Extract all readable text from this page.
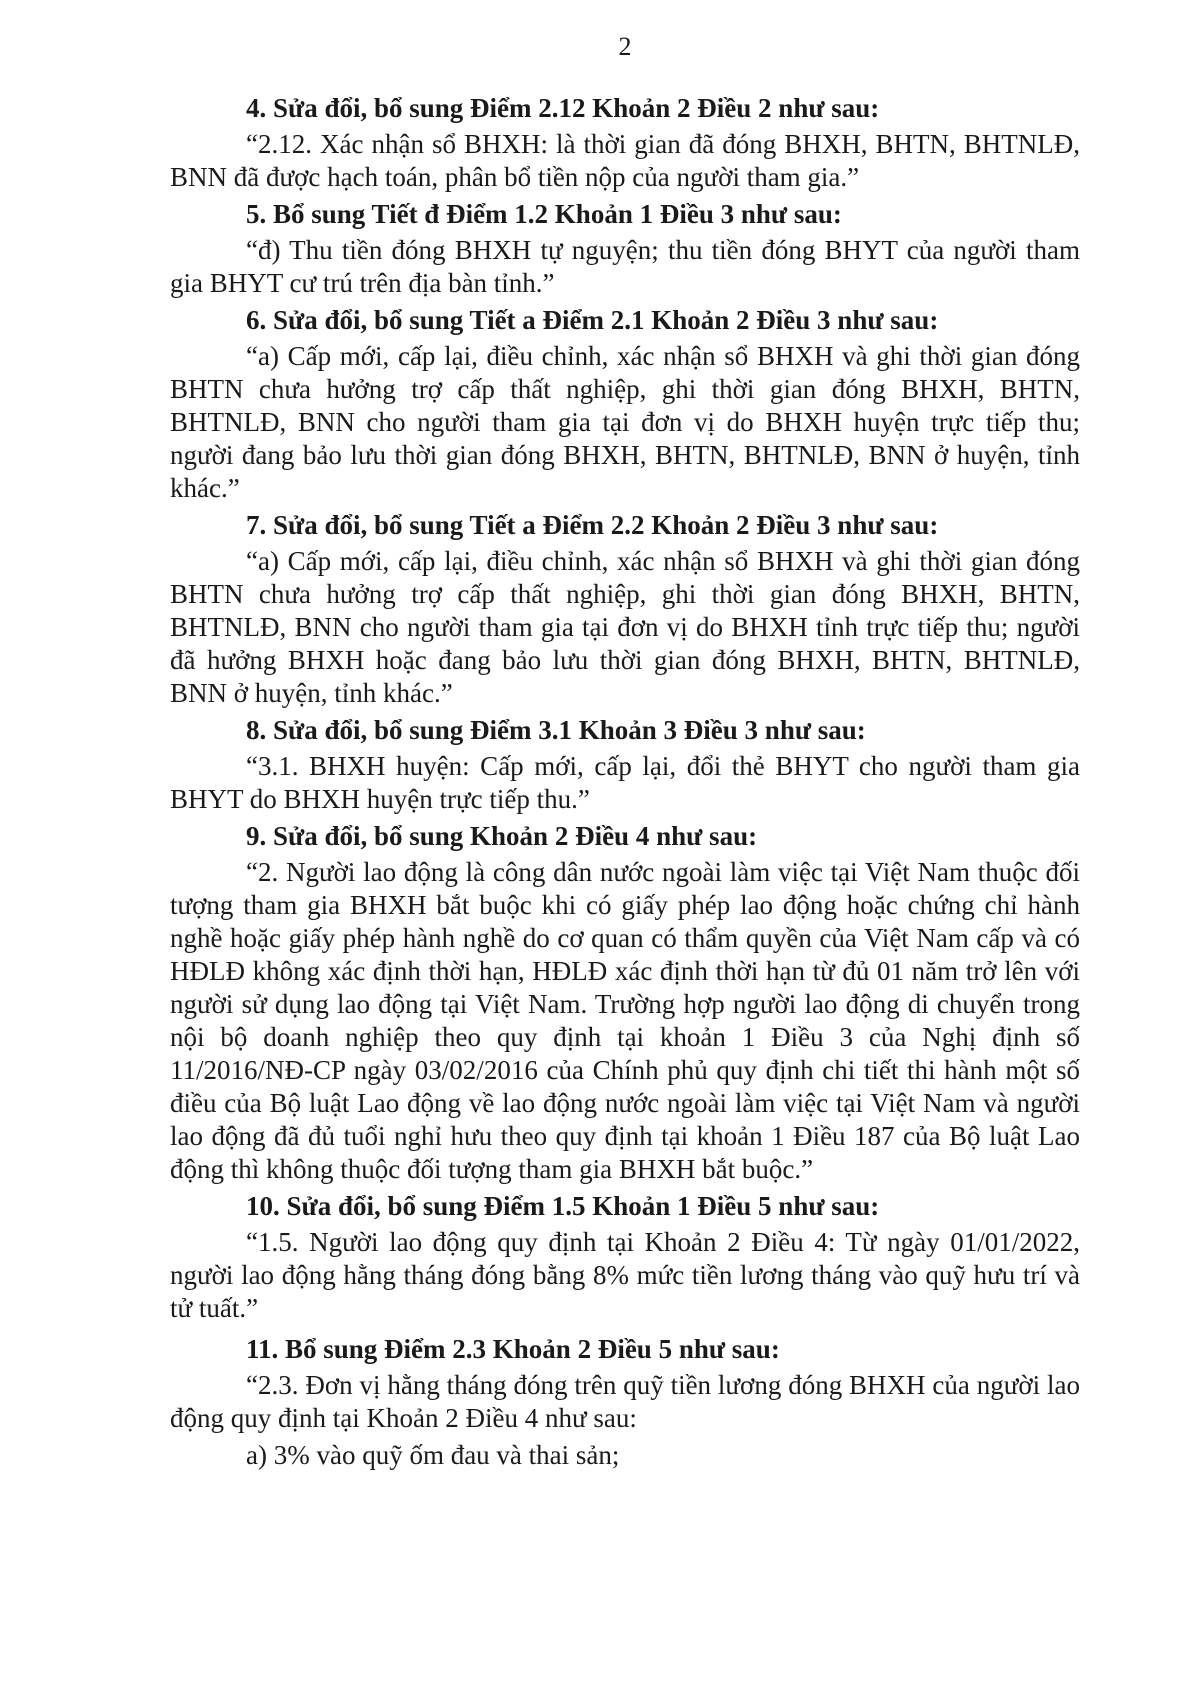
2

4. Sửa đổi, bổ sung Điểm 2.12 Khoản 2 Điều 2 như sau:

“2.12. Xác nhận sổ BHXH: là thời gian đã đóng BHXH, BHTN, BHTNLĐ, BNN đã được hạch toán, phân bổ tiền nộp của người tham gia.”

5. Bổ sung Tiết đ Điểm 1.2 Khoản 1 Điều 3 như sau:

“đ) Thu tiền đóng BHXH tự nguyện; thu tiền đóng BHYT của người tham gia BHYT cư trú trên địa bàn tỉnh.”

6. Sửa đổi, bổ sung Tiết a Điểm 2.1 Khoản 2 Điều 3 như sau:

“a) Cấp mới, cấp lại, điều chỉnh, xác nhận sổ BHXH và ghi thời gian đóng BHTN chưa hưởng trợ cấp thất nghiệp, ghi thời gian đóng BHXH, BHTN, BHTNLĐ, BNN cho người tham gia tại đơn vị do BHXH huyện trực tiếp thu; người đang bảo lưu thời gian đóng BHXH, BHTN, BHTNLĐ, BNN ở huyện, tỉnh khác.”

7. Sửa đổi, bổ sung Tiết a Điểm 2.2 Khoản 2 Điều 3 như sau:

“a) Cấp mới, cấp lại, điều chỉnh, xác nhận sổ BHXH và ghi thời gian đóng BHTN chưa hưởng trợ cấp thất nghiệp, ghi thời gian đóng BHXH, BHTN, BHTNLĐ, BNN cho người tham gia tại đơn vị do BHXH tỉnh trực tiếp thu; người đã hưởng BHXH hoặc đang bảo lưu thời gian đóng BHXH, BHTN, BHTNLĐ, BNN ở huyện, tỉnh khác.”

8. Sửa đổi, bổ sung Điểm 3.1 Khoản 3 Điều 3 như sau:

“3.1. BHXH huyện: Cấp mới, cấp lại, đổi thẻ BHYT cho người tham gia BHYT do BHXH huyện trực tiếp thu.”

9. Sửa đổi, bổ sung Khoản 2 Điều 4 như sau:

“2. Người lao động là công dân nước ngoài làm việc tại Việt Nam thuộc đối tượng tham gia BHXH bắt buộc khi có giấy phép lao động hoặc chứng chỉ hành nghề hoặc giấy phép hành nghề do cơ quan có thẩm quyền của Việt Nam cấp và có HĐLĐ không xác định thời hạn, HĐLĐ xác định thời hạn từ đủ 01 năm trở lên với người sử dụng lao động tại Việt Nam. Trường hợp người lao động di chuyển trong nội bộ doanh nghiệp theo quy định tại khoản 1 Điều 3 của Nghị định số 11/2016/NĐ-CP ngày 03/02/2016 của Chính phủ quy định chi tiết thi hành một số điều của Bộ luật Lao động về lao động nước ngoài làm việc tại Việt Nam và người lao động đã đủ tuổi nghỉ hưu theo quy định tại khoản 1 Điều 187 của Bộ luật Lao động thì không thuộc đối tượng tham gia BHXH bắt buộc.”

10. Sửa đổi, bổ sung Điểm 1.5 Khoản 1 Điều 5 như sau:

“1.5. Người lao động quy định tại Khoản 2 Điều 4: Từ ngày 01/01/2022, người lao động hằng tháng đóng bằng 8% mức tiền lương tháng vào quỹ hưu trí và tử tuất.”

11. Bổ sung Điểm 2.3 Khoản 2 Điều 5 như sau:

“2.3. Đơn vị hằng tháng đóng trên quỹ tiền lương đóng BHXH của người lao động quy định tại Khoản 2 Điều 4 như sau:

a) 3% vào quỹ ốm đau và thai sản;
